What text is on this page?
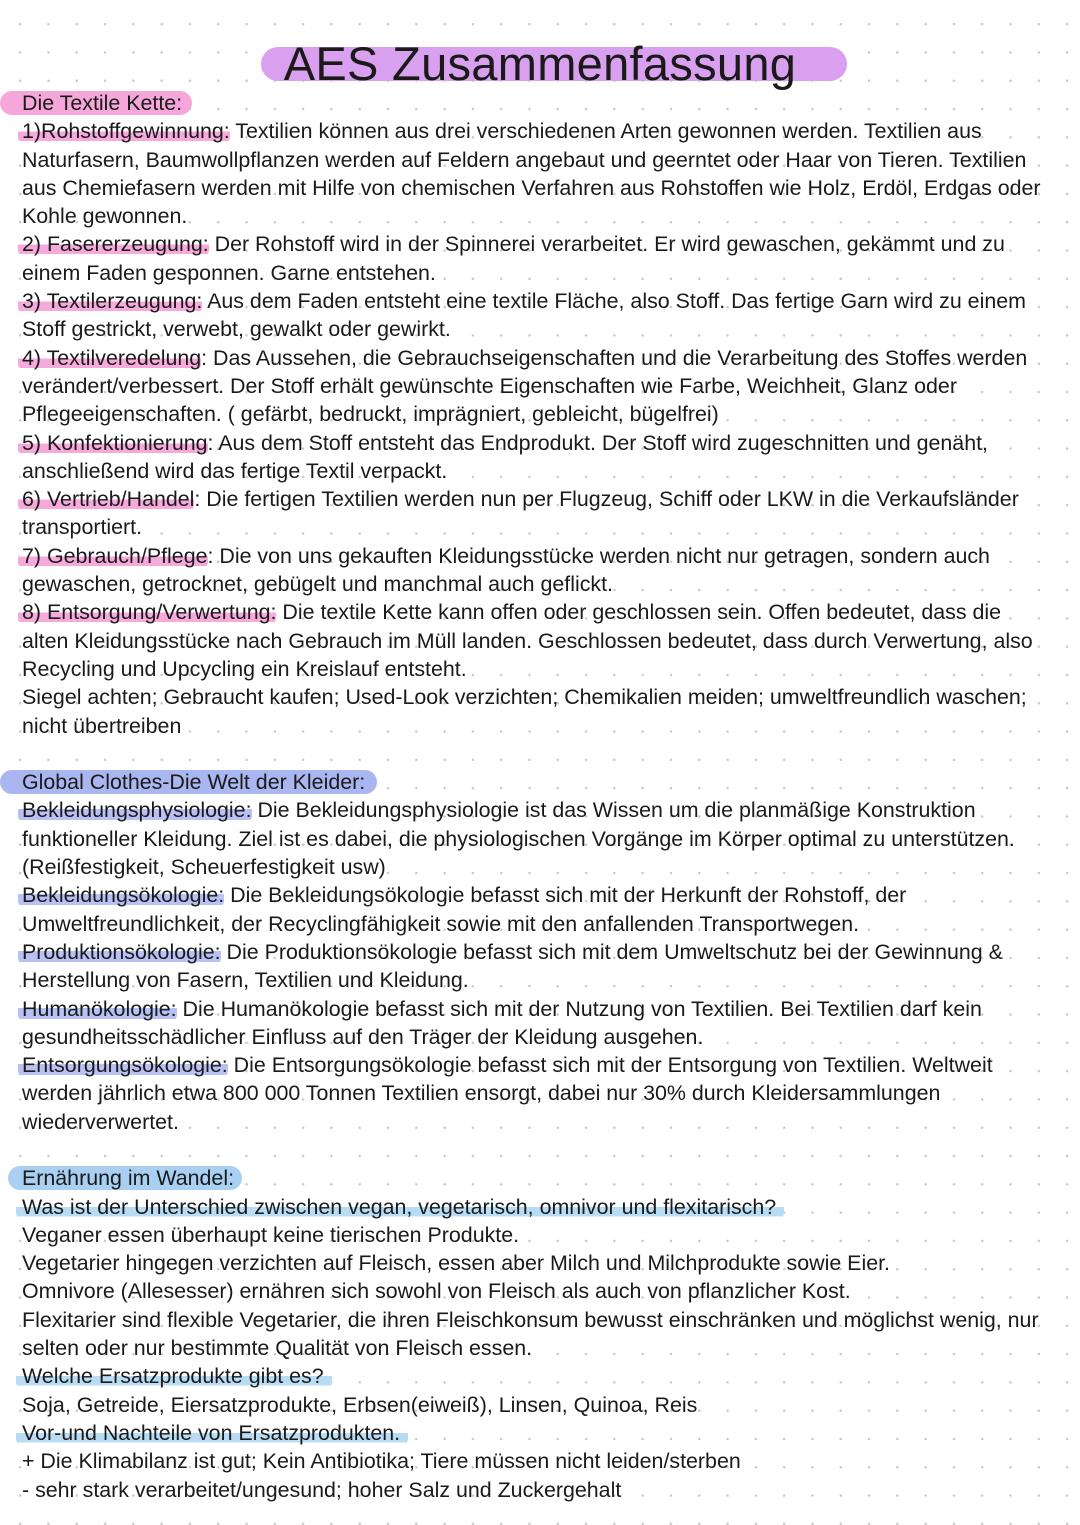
AES Zusammenfassung

Die Textile Kette:

1)Rohstoffgewinnung: Textilien können aus drei verschiedenen Arten gewonnen werden. Textilien aus Naturfasern, Baumwollpflanzen werden auf Feldern angebaut und geerntet oder Haar von Tieren. Textilien aus Chemiefasern werden mit Hilfe von chemischen Verfahren aus Rohstoffen wie Holz, Erdöl, Erdgas oder Kohle gewonnen.

2) Fasererzeugung: Der Rohstoff wird in der Spinnerei verarbeitet. Er wird gewaschen, gekämmt und zu einem Faden gesponnen. Garne entstehen.

3) Textilerzeugung: Aus dem Faden entsteht eine textile Fläche, also Stoff. Das fertige Garn wird zu einem Stoff gestrickt, verwebt, gewalkt oder gewirkt.

4) Textilveredelung: Das Aussehen, die Gebrauchseigenschaften und die Verarbeitung des Stoffes werden verändert/verbessert. Der Stoff erhält gewünschte Eigenschaften wie Farbe, Weichheit, Glanz oder Pflegeeigenschaften. ( gefärbt, bedruckt, imprägniert, gebleicht, bügelfrei)

5) Konfektionierung: Aus dem Stoff entsteht das Endprodukt. Der Stoff wird zugeschnitten und genäht, anschließend wird das fertige Textil verpackt.

6) Vertrieb/Handel: Die fertigen Textilien werden nun per Flugzeug, Schiff oder LKW in die Verkaufsländer transportiert.

7) Gebrauch/Pflege: Die von uns gekauften Kleidungsstücke werden nicht nur getragen, sondern auch gewaschen, getrocknet, gebügelt und manchmal auch geflickt.

8) Entsorgung/Verwertung: Die textile Kette kann offen oder geschlossen sein. Offen bedeutet, dass die alten Kleidungsstücke nach Gebrauch im Müll landen. Geschlossen bedeutet, dass durch Verwertung, also Recycling und Upcycling ein Kreislauf entsteht.

Siegel achten; Gebraucht kaufen; Used-Look verzichten; Chemikalien meiden; umweltfreundlich waschen; nicht übertreiben

Global Clothes-Die Welt der Kleider:

Bekleidungsphysiologie: Die Bekleidungsphysiologie ist das Wissen um die planmäßige Konstruktion funktioneller Kleidung. Ziel ist es dabei, die physiologischen Vorgänge im Körper optimal zu unterstützen.(Reißfestigkeit, Scheuerfestigkeit usw)

Bekleidungsökologie: Die Bekleidungsökologie befasst sich mit der Herkunft der Rohstoff, der Umweltfreundlichkeit, der Recyclingfähigkeit sowie mit den anfallenden Transportwegen.

Produktionsökologie: Die Produktionsökologie befasst sich mit dem Umweltschutz bei der Gewinnung & Herstellung von Fasern, Textilien und Kleidung.

Humanökologie: Die Humanökologie befasst sich mit der Nutzung von Textilien. Bei Textilien darf kein gesundheitsschädlicher Einfluss auf den Träger der Kleidung ausgehen.

Entsorgungsökologie: Die Entsorgungsökologie befasst sich mit der Entsorgung von Textilien. Weltweit werden jährlich etwa 800 000 Tonnen Textilien ensorgt, dabei nur 30% durch Kleidersammlungen wiederverwertet.

Ernährung im Wandel:

Was ist der Unterschied zwischen vegan, vegetarisch, omnivor und flexitarisch?

Veganer essen überhaupt keine tierischen Produkte.

Vegetarier hingegen verzichten auf Fleisch, essen aber Milch und Milchprodukte sowie Eier.

Omnivore (Allesesser) ernähren sich sowohl von Fleisch als auch von pflanzlicher Kost.

Flexitarier sind flexible Vegetarier, die ihren Fleischkonsum bewusst einschränken und möglichst wenig, nur selten oder nur bestimmte Qualität von Fleisch essen.

Welche Ersatzprodukte gibt es?

Soja, Getreide, Eiersatzprodukte, Erbsen(eiweiß), Linsen, Quinoa, Reis

Vor-und Nachteile von Ersatzprodukten.

+ Die Klimabilanz ist gut; Kein Antibiotika; Tiere müssen nicht leiden/sterben

- sehr stark verarbeitet/ungesund; hoher Salz und Zuckergehalt
